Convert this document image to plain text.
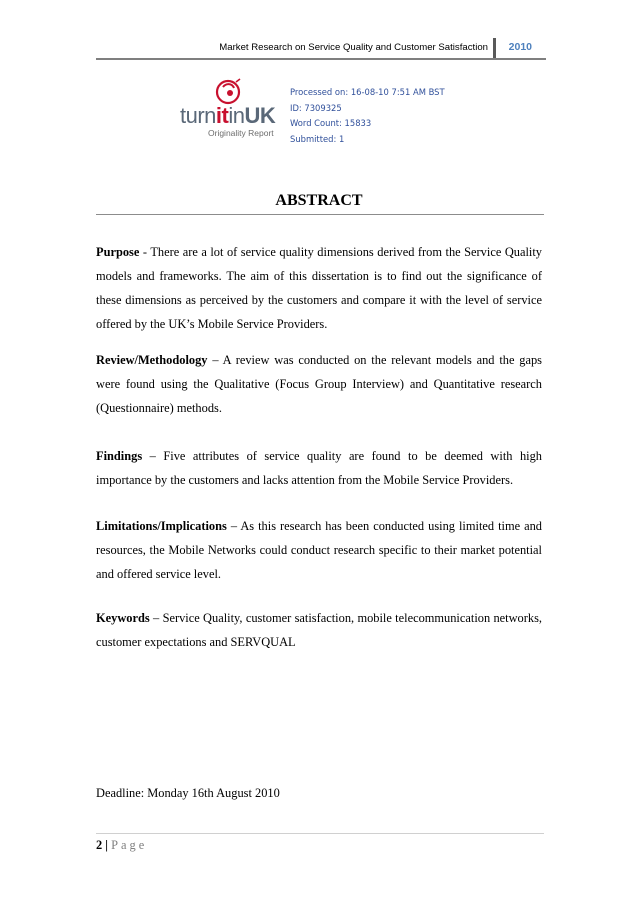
Market Research on Service Quality and Customer Satisfaction 2010
turnitinUK
Originality Report
Processed on: 16-08-10 7:51 AM BST
ID: 7309325
Word Count: 15833
Submitted: 1
ABSTRACT

Purpose - There are a lot of service quality dimensions derived from the Service Quality models and frameworks. The aim of this dissertation is to find out the significance of these dimensions as perceived by the customers and compare it with the level of service offered by the UK’s Mobile Service Providers.

Review/Methodology – A review was conducted on the relevant models and the gaps were found using the Qualitative (Focus Group Interview) and Quantitative research (Questionnaire) methods.

Findings – Five attributes of service quality are found to be deemed with high importance by the customers and lacks attention from the Mobile Service Providers.

Limitations/Implications – As this research has been conducted using limited time and resources, the Mobile Networks could conduct research specific to their market potential and offered service level.

Keywords – Service Quality, customer satisfaction, mobile telecommunication networks, customer expectations and SERVQUAL

Deadline: Monday 16th August 2010
2 | Page
